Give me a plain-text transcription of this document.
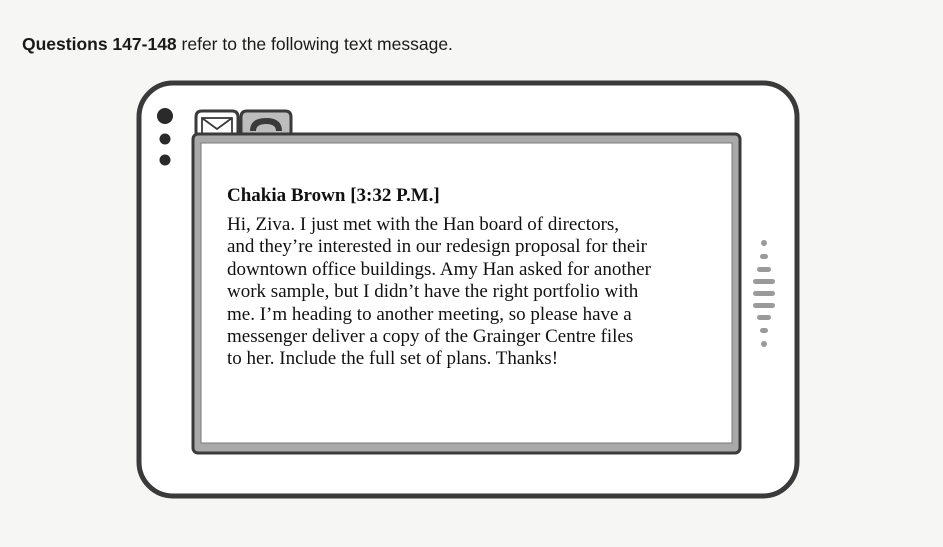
Questions 147-148 refer to the following text message.
Chakia Brown [3:32 P.M.]
Hi, Ziva. I just met with the Han board of directors,
and they’re interested in our redesign proposal for their
downtown office buildings. Amy Han asked for another
work sample, but I didn’t have the right portfolio with
me. I’m heading to another meeting, so please have a
messenger deliver a copy of the Grainger Centre files
to her. Include the full set of plans. Thanks!
